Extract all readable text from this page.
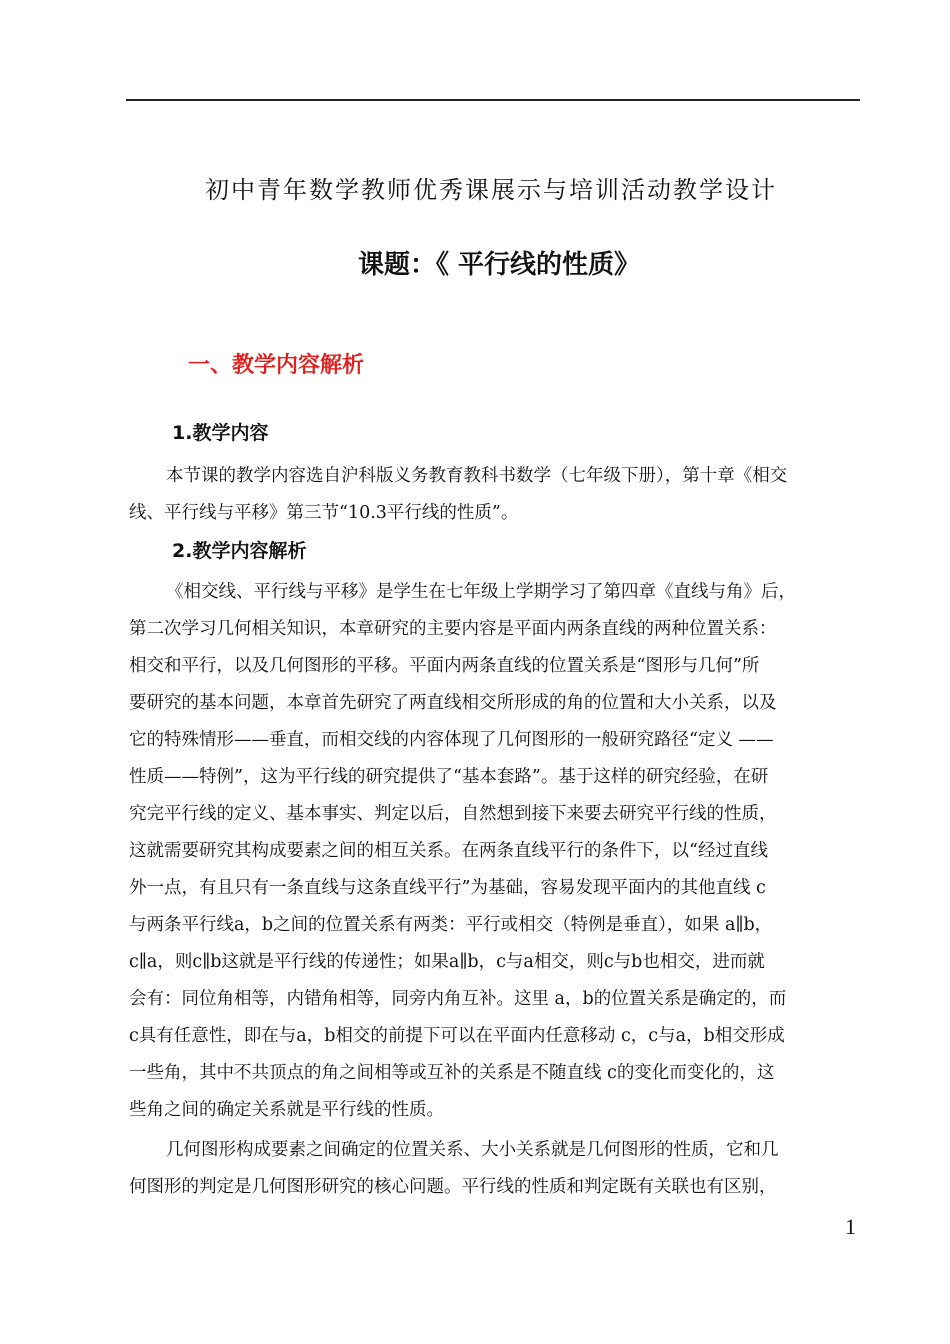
初中青年数学教师优秀课展示与培训活动教学设计
课题：《 平行线的性质》
一、教学内容解析
1.教学内容
本节课的教学内容选自沪科版义务教育教科书数学（七年级下册），第十章《相交
线、平行线与平移》第三节“10.3平行线的性质”。
2.教学内容解析
《相交线、平行线与平移》是学生在七年级上学期学习了第四章《直线与角》后，
第二次学习几何相关知识，本章研究的主要内容是平面内两条直线的两种位置关系：
相交和平行，以及几何图形的平移。平面内两条直线的位置关系是“图形与几何”所
要研究的基本问题，本章首先研究了两直线相交所形成的角的位置和大小关系，以及
它的特殊情形——垂直，而相交线的内容体现了几何图形的一般研究路径“定义 ——
性质——特例”，这为平行线的研究提供了“基本套路”。基于这样的研究经验，在研
究完平行线的定义、基本事实、判定以后，自然想到接下来要去研究平行线的性质，
这就需要研究其构成要素之间的相互关系。在两条直线平行的条件下，以“经过直线
外一点，有且只有一条直线与这条直线平行”为基础，容易发现平面内的其他直线 c
与两条平行线a，b之间的位置关系有两类：平行或相交（特例是垂直），如果 a∥b，
c∥a，则c∥b这就是平行线的传递性；如果a∥b，c与a相交，则c与b也相交，进而就
会有：同位角相等，内错角相等，同旁内角互补。这里 a，b的位置关系是确定的，而
c具有任意性，即在与a，b相交的前提下可以在平面内任意移动 c，c与a，b相交形成
一些角，其中不共顶点的角之间相等或互补的关系是不随直线 c的变化而变化的，这
些角之间的确定关系就是平行线的性质。
几何图形构成要素之间确定的位置关系、大小关系就是几何图形的性质，它和几
何图形的判定是几何图形研究的核心问题。平行线的性质和判定既有关联也有区别，
1
